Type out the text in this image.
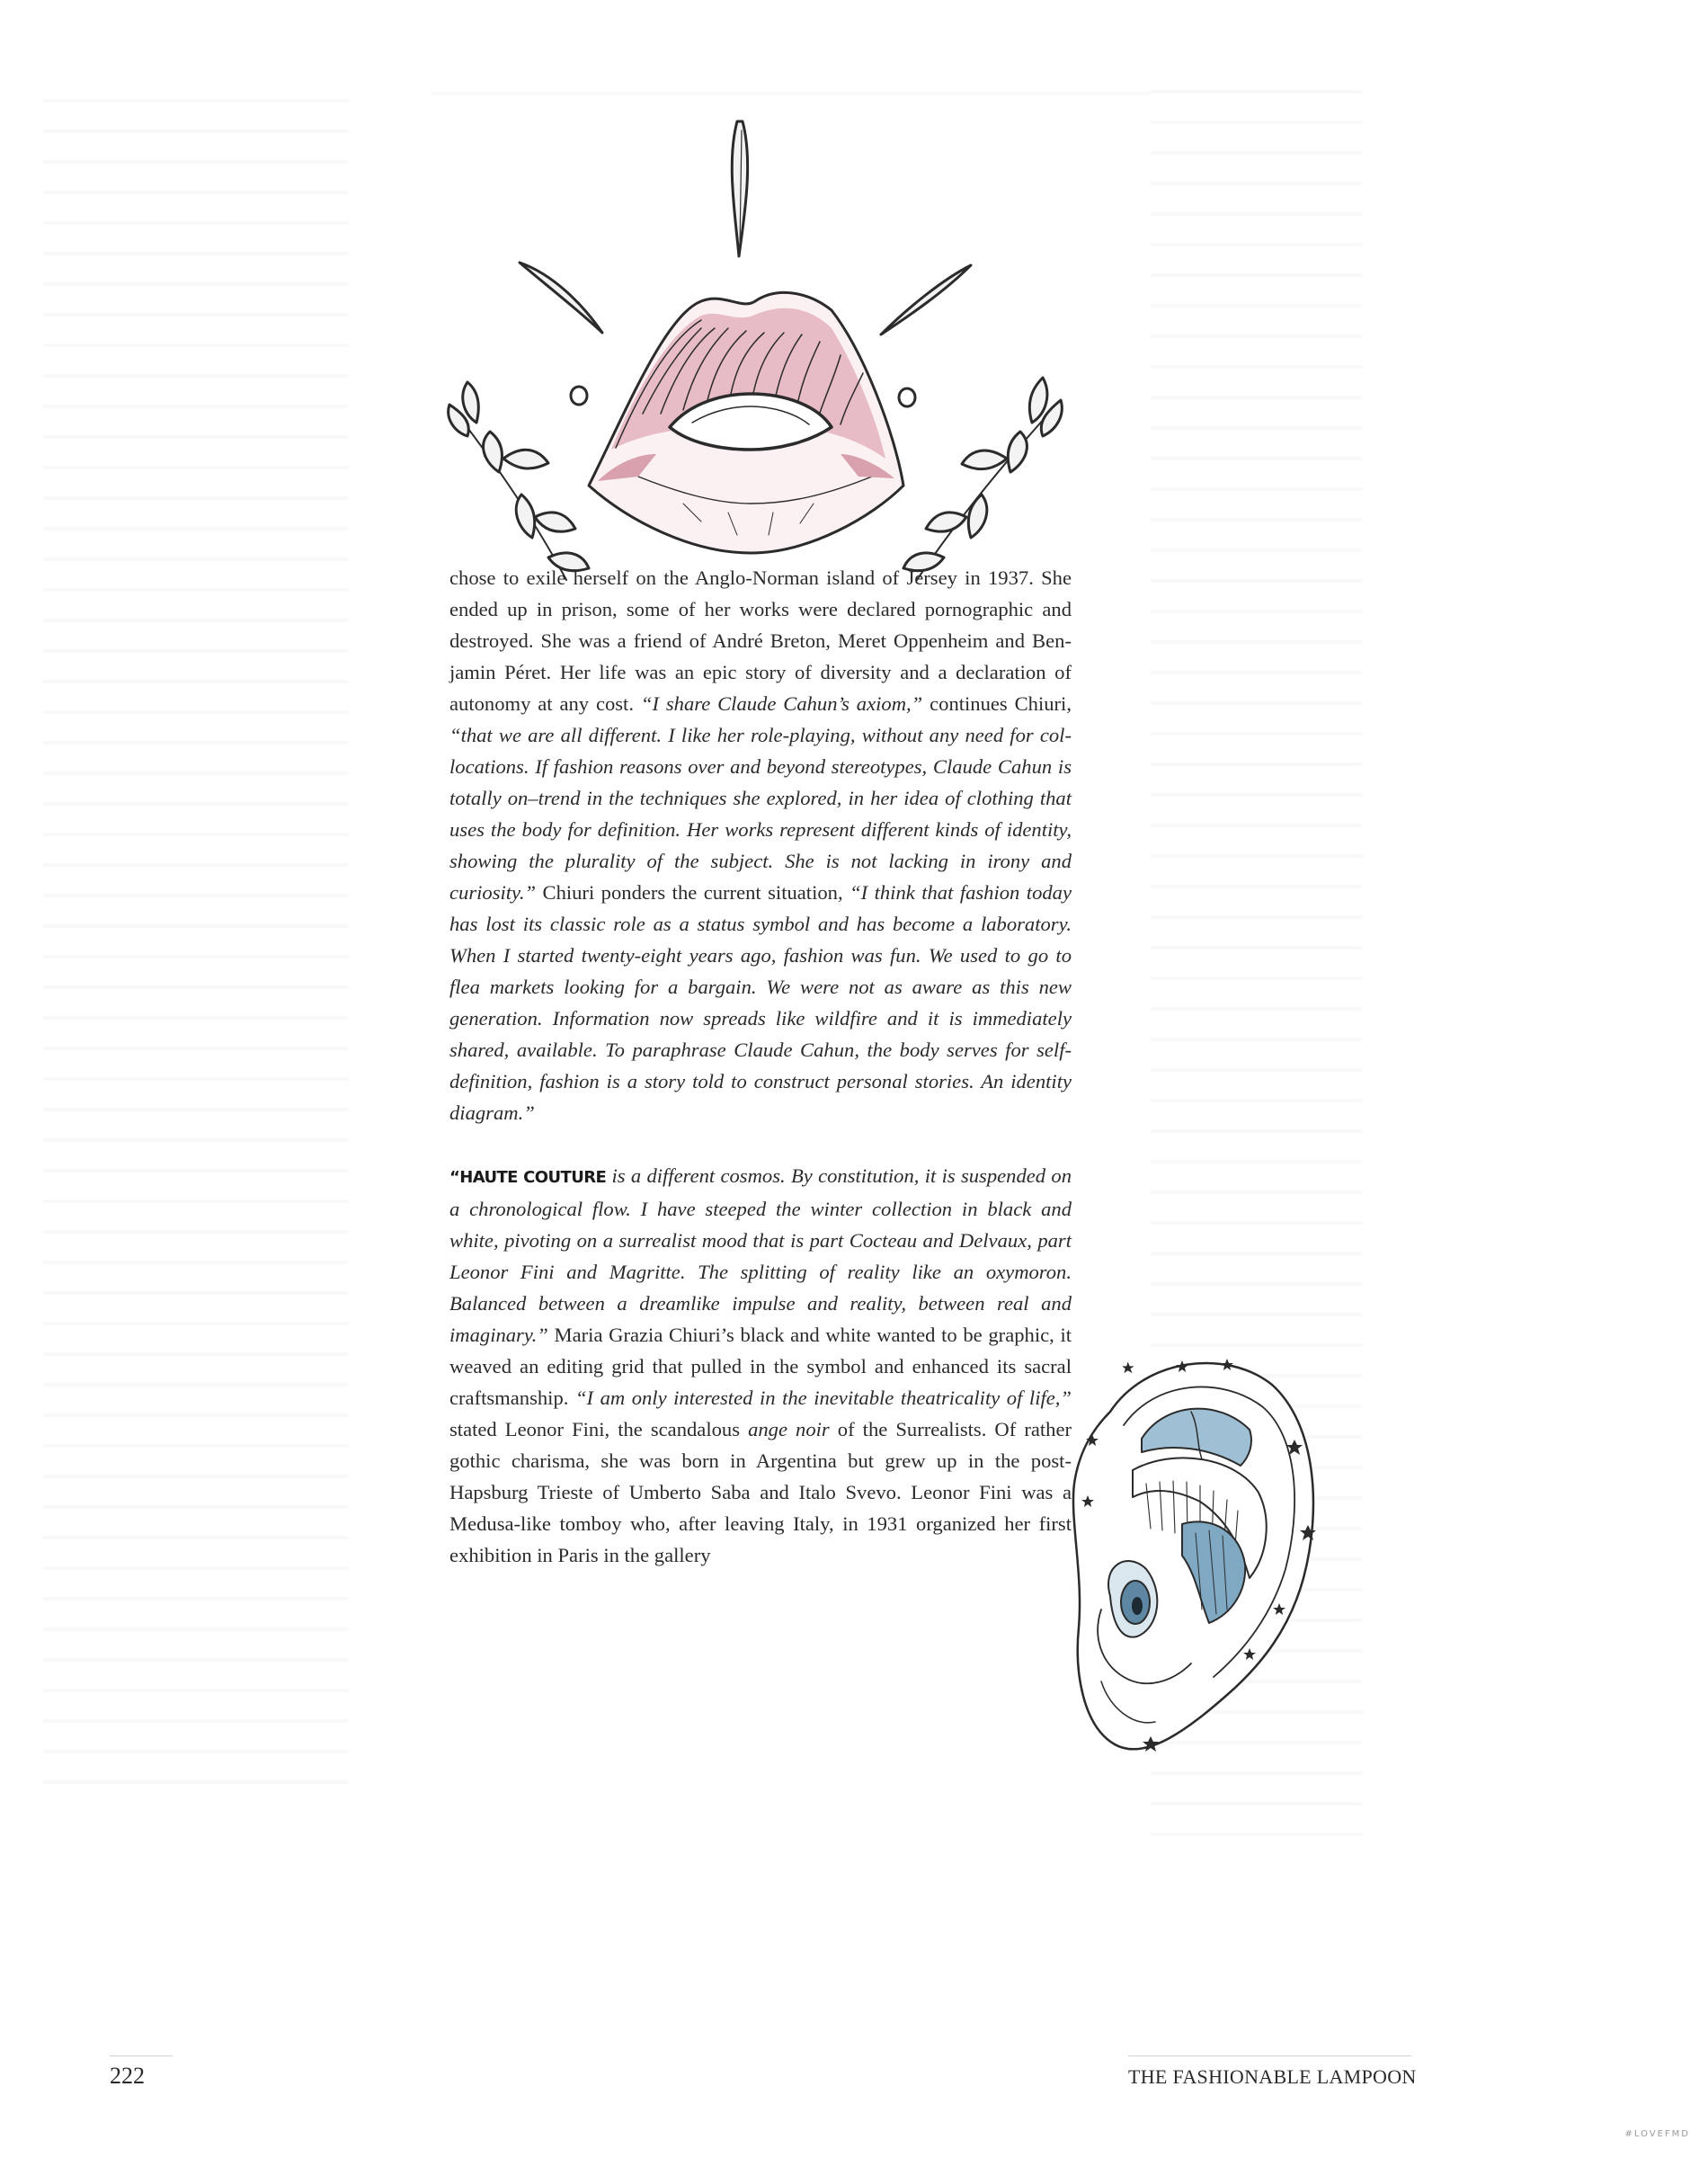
chose to exile herself on the Anglo-Norman island of Jersey in 1937. She ended up in prison, some of her works were declared pornographic and destroyed. She was a friend of André Breton, Meret Oppenheim and Benjamin Péret. Her life was an epic story of diversity and a declaration of autonomy at any cost. “I share Claude Cahun’s axiom,” continues Chiuri, “that we are all different. I like her role-playing, without any need for collocations. If fashion reasons over and beyond stereotypes, Claude Cahun is totally on–trend in the techniques she explored, in her idea of clothing that uses the body for definition. Her works represent different kinds of identity, showing the plurality of the subject. She is not lacking in irony and curiosity.” Chiuri ponders the current situation, “I think that fashion today has lost its classic role as a status symbol and has become a laboratory. When I started twenty-eight years ago, fashion was fun. We used to go to flea markets looking for a bargain. We were not as aware as this new generation. Information now spreads like wildfire and it is immediately shared, available. To paraphrase Claude Cahun, the body serves for self-definition, fashion is a story told to construct personal stories. An identity diagram.”

“HAUTE COUTURE is a different cosmos. By constitution, it is suspended on a chronological flow. I have steeped the winter collection in black and white, pivoting on a surrealist mood that is part Cocteau and Delvaux, part Leonor Fini and Magritte. The splitting of reality like an oxymoron. Balanced between a dreamlike impulse and reality, between real and imaginary.” Maria Grazia Chiuri’s black and white wanted to be graphic, it weaved an editing grid that pulled in the symbol and enhanced its sacral craftsmanship. “I am only interested in the inevitable theatricality of life,” stated Leonor Fini, the scandalous ange noir of the Surrealists. Of rather gothic charisma, she was born in Argentina but grew up in the post-Hapsburg Trieste of Umberto Saba and Italo Svevo. Leonor Fini was a Medusa-like tomboy who, after leaving Italy, in 1931 organized her first exhibition in Paris in the gallery

222	THE FASHIONABLE LAMPOON
#LOVEFMD
